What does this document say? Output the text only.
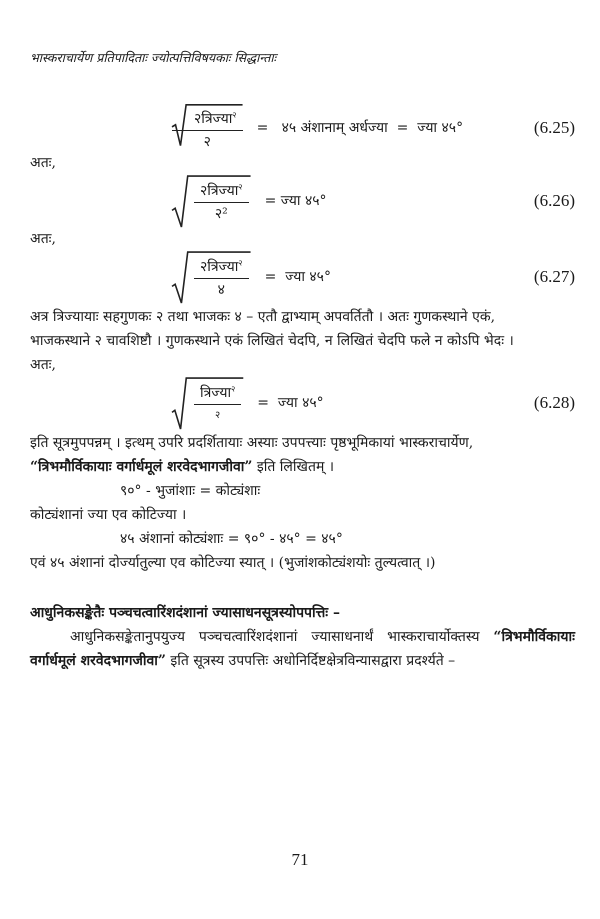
भास्कराचार्येण प्रतिपादिताः ज्योत्पत्तिविषयकाः सिद्धान्ताः
$\frac{२त्रिज्या^२}{२}$ =   ४५ अंशानाम् अर्धज्या  =  ज्या ४५°	(6.25)
अतः,
$\frac{२त्रिज्या^२}{\text{२²}}$ = ज्या ४५°	(6.26)
अतः,
$\frac{२त्रिज्या^२}{४}$ =  ज्या ४५°	(6.27)
अत्र त्रिज्यायाः सहगुणकः २ तथा भाजकः ४ – एतौ द्वाभ्याम् अपवर्तितौ । अतः गुणकस्थाने एकं,
भाजकस्थाने २ चावशिष्टौ । गुणकस्थाने एकं लिखितं चेदपि, न लिखितं चेदपि फले न कोऽपि भेदः ।
अतः,
$\frac{त्रिज्या^२}{२}$ =  ज्या ४५°	(6.28)
इति सूत्रमुपपन्नम् । इत्थम् उपरि प्रदर्शितायाः अस्याः उपपत्त्याः पृष्ठभूमिकायां भास्कराचार्येण,
“त्रिभमौर्विकायाः वर्गार्धमूलं शरवेदभागजीवा” इति लिखितम् ।
९०° - भुजांशाः = कोट्यंशाः
कोट्यंशानां ज्या एव कोटिज्या ।
४५ अंशानां कोट्यंशाः = ९०° - ४५° = ४५°
एवं ४५ अंशानां दोर्ज्यातुल्या एव कोटिज्या स्यात् । (भुजांशकोट्यंशयोः तुल्यत्वात् ।)
आधुनिकसङ्केतैः पञ्चचत्वारिंशदंशानां ज्यासाधनसूत्रस्योपपत्तिः –
आधुनिकसङ्केतानुपयुज्य पञ्चचत्वारिंशदंशानां ज्यासाधनार्थं भास्कराचार्योक्तस्य “त्रिभमौर्विकायाः वर्गार्धमूलं शरवेदभागजीवा” इति सूत्रस्य उपपत्तिः अधोनिर्दिष्टक्षेत्रविन्यासद्वारा प्रदर्श्यते –
71
